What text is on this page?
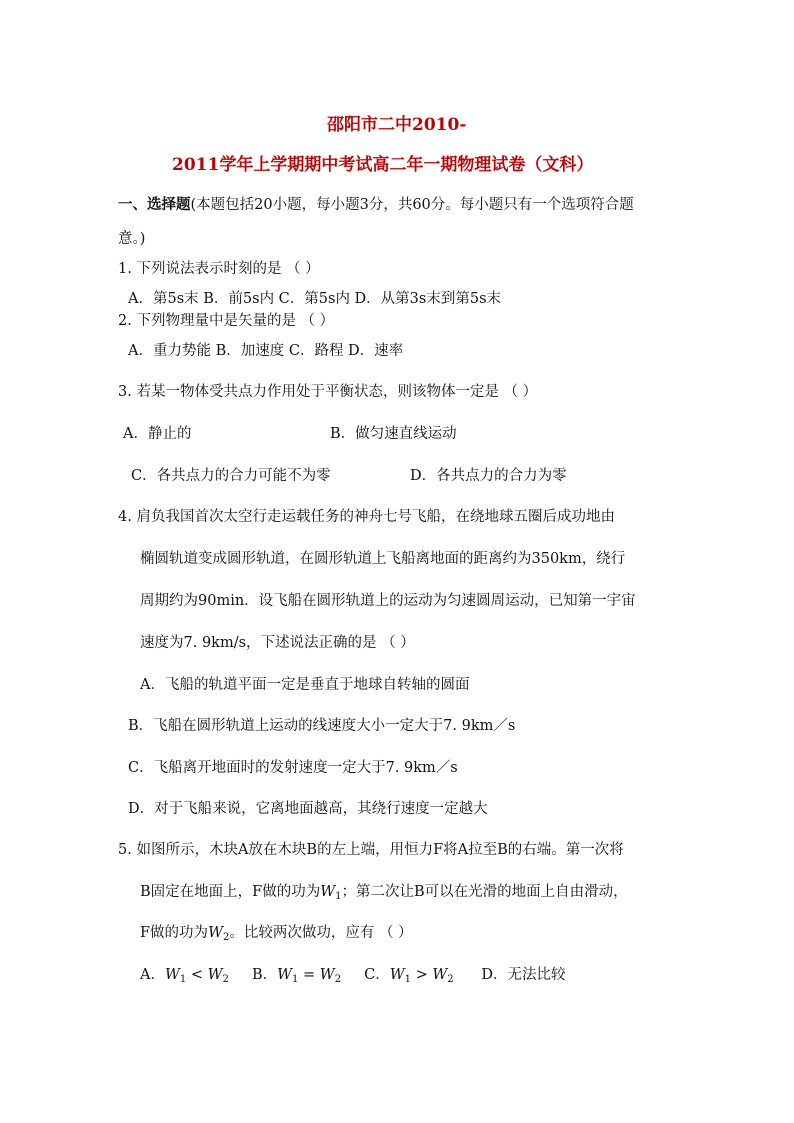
邵阳市二中2010-
2011学年上学期期中考试高二年一期物理试卷（文科）
一、选择题(本题包括20小题，每小题3分，共60分。每小题只有一个选项符合题
意。)
1. 下列说法表示时刻的是 （ ）
A．第5s末 B．前5s内 C．第5s内 D．从第3s末到第5s末
2. 下列物理量中是矢量的是 （ ）
A．重力势能 B．加速度 C．路程 D．速率
3. 若某一物体受共点力作用处于平衡状态，则该物体一定是 （ ）
A．静止的	B．做匀速直线运动
C．各共点力的合力可能不为零	D．各共点力的合力为零
4. 肩负我国首次太空行走运载任务的神舟七号飞船，在绕地球五圈后成功地由
椭圆轨道变成圆形轨道，在圆形轨道上飞船离地面的距离约为350km，绕行
周期约为90min．设飞船在圆形轨道上的运动为匀速圆周运动，已知第一宇宙
速度为7. 9km/s，下述说法正确的是 （ ）
A．飞船的轨道平面一定是垂直于地球自转轴的圆面
B．飞船在圆形轨道上运动的线速度大小一定大于7. 9km／s
C．飞船离开地面时的发射速度一定大于7. 9km／s
D．对于飞船来说，它离地面越高，其绕行速度一定越大
5. 如图所示，木块A放在木块B的左上端，用恒力F将A拉至B的右端。第一次将
B固定在地面上，F做的功为$W_1$；第二次让B可以在光滑的地面上自由滑动，
F做的功为$W_2$。比较两次做功，应有 （ ）
A．$W_1 < W_2$ B．$W_1 = W_2$ C．$W_1 > W_2$ D．无法比较
